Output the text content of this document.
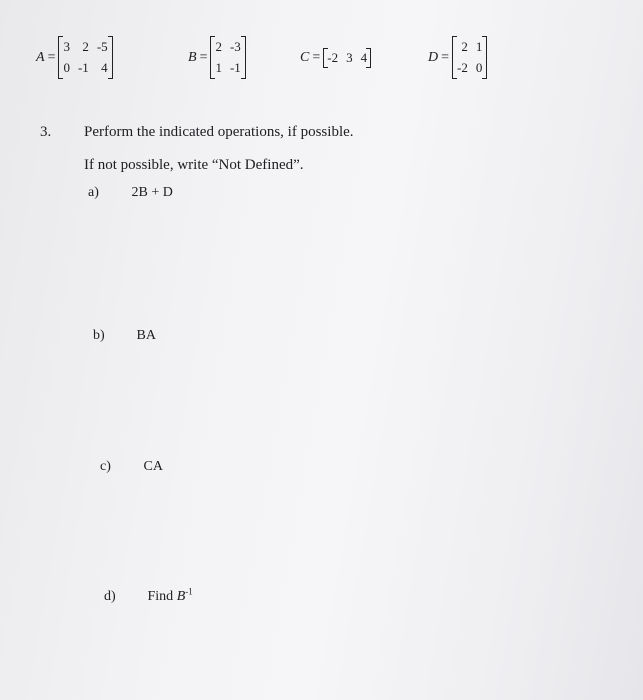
A =
3 2 -5
0 -1 4
B =
2 -3
1 -1
C = -2 3 4	D =
2 1
-2 0
3. Perform the indicated operations, if possible.
If not possible, write “Not Defined”.
a) 2B + D
b) BA
c) CA
d) Find $B^{-1}$
